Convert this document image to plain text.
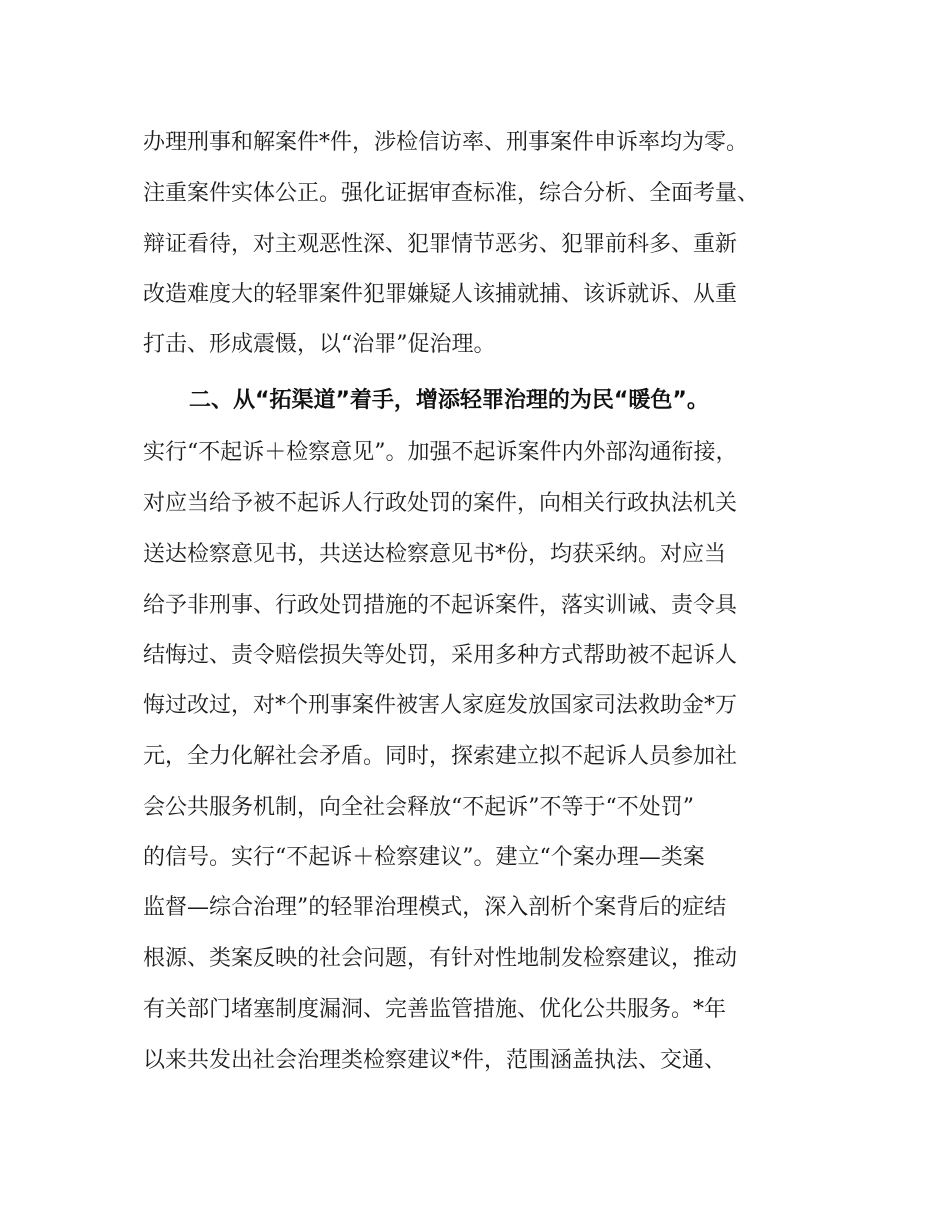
办理刑事和解案件*件，涉检信访率、刑事案件申诉率均为零。
注重案件实体公正。强化证据审查标准，综合分析、全面考量、
辩证看待，对主观恶性深、犯罪情节恶劣、犯罪前科多、重新
改造难度大的轻罪案件犯罪嫌疑人该捕就捕、该诉就诉、从重
打击、形成震慑，以“治罪”促治理。
二、从“拓渠道”着手，增添轻罪治理的为民“暖色”。
实行“不起诉＋检察意见”。加强不起诉案件内外部沟通衔接，
对应当给予被不起诉人行政处罚的案件，向相关行政执法机关
送达检察意见书，共送达检察意见书*份，均获采纳。对应当
给予非刑事、行政处罚措施的不起诉案件，落实训诫、责令具
结悔过、责令赔偿损失等处罚，采用多种方式帮助被不起诉人
悔过改过，对*个刑事案件被害人家庭发放国家司法救助金*万
元，全力化解社会矛盾。同时，探索建立拟不起诉人员参加社
会公共服务机制，向全社会释放“不起诉”不等于“不处罚”
的信号。实行“不起诉＋检察建议”。建立“个案办理—类案
监督—综合治理”的轻罪治理模式，深入剖析个案背后的症结
根源、类案反映的社会问题，有针对性地制发检察建议，推动
有关部门堵塞制度漏洞、完善监管措施、优化公共服务。*年
以来共发出社会治理类检察建议*件，范围涵盖执法、交通、
